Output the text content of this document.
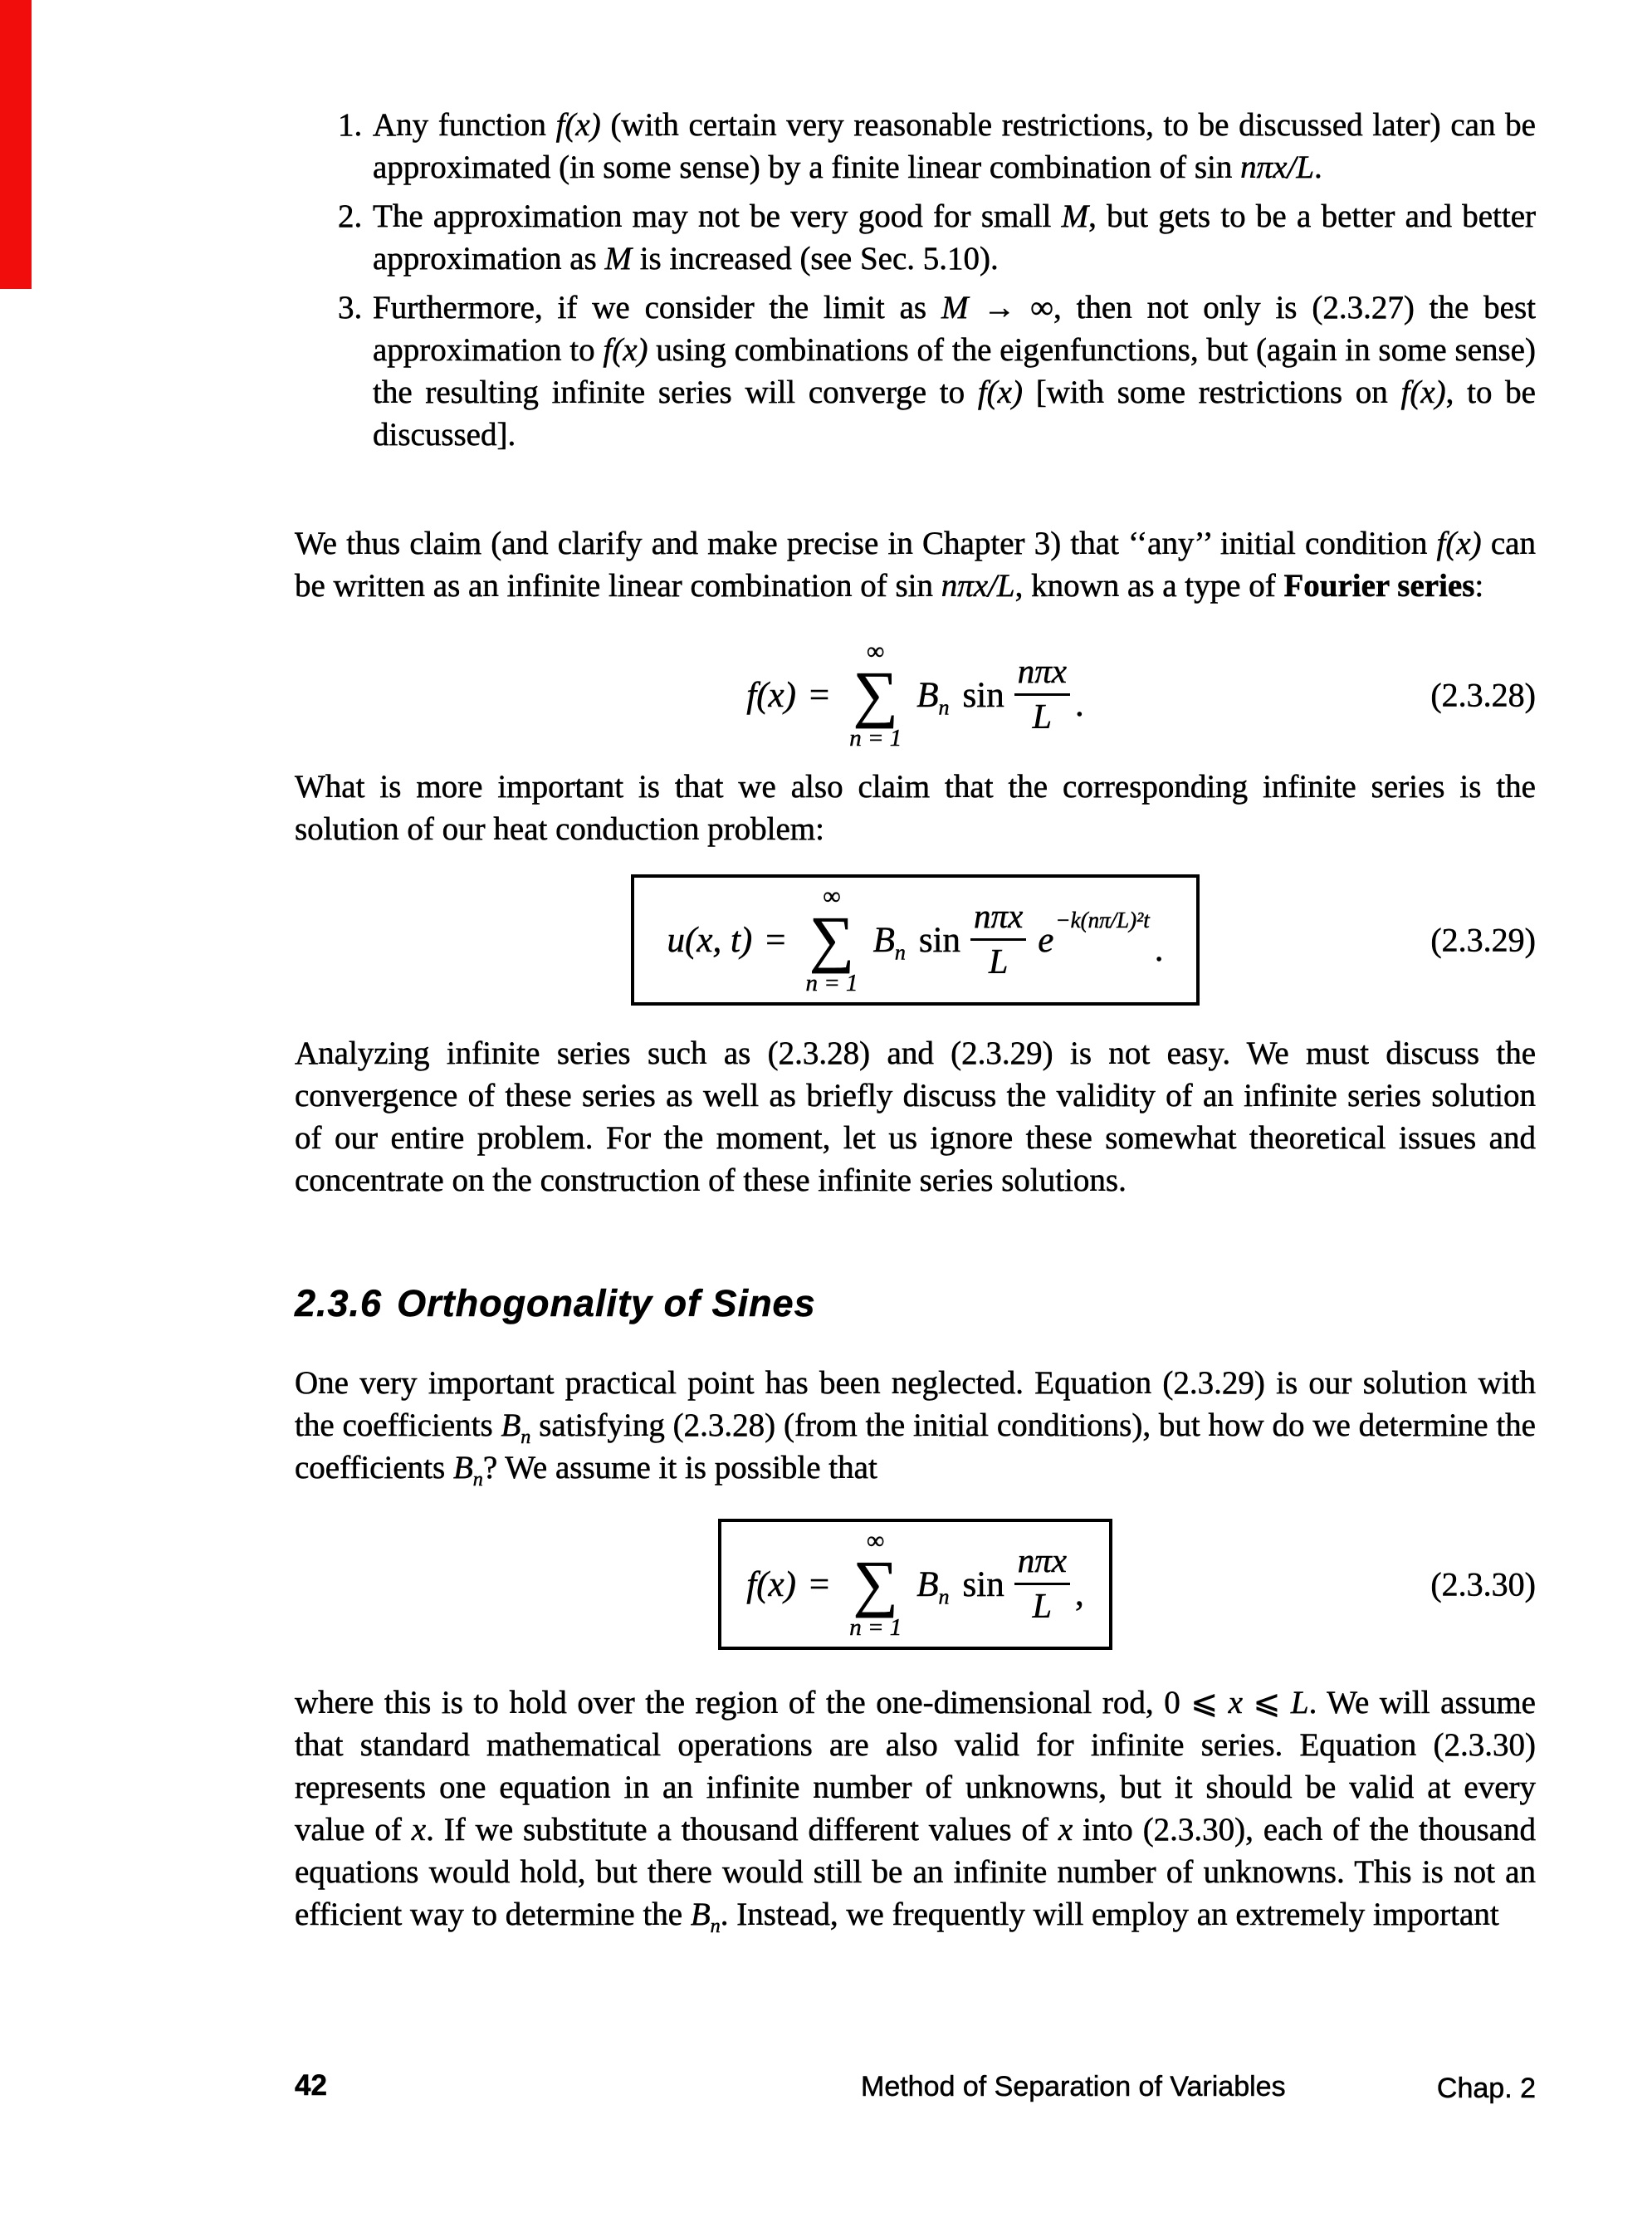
1. Any function f(x) (with certain very reasonable restrictions, to be discussed later) can be approximated (in some sense) by a finite linear combination of sin nπx/L.
2. The approximation may not be very good for small M, but gets to be a better and better approximation as M is increased (see Sec. 5.10).
3. Furthermore, if we consider the limit as M → ∞, then not only is (2.3.27) the best approximation to f(x) using combinations of the eigenfunctions, but (again in some sense) the resulting infinite series will converge to f(x) [with some restrictions on f(x), to be discussed].

We thus claim (and clarify and make precise in Chapter 3) that ‘‘any’’ initial condition f(x) can be written as an infinite linear combination of sin nπx/L, known as a type of Fourier series:

f(x) =
∞
∑
n = 1
$B_n$ $\sin \frac{\text{nπx}}{L}$ .	(2.3.28)

What is more important is that we also claim that the corresponding infinite series is the solution of our heat conduction problem:

u(x, t) =
∞
∑
n = 1
$B_n$ $\sin \frac{\text{nπx}}{L}$ e
−k(nπ/L)²t
.	(2.3.29)

Analyzing infinite series such as (2.3.28) and (2.3.29) is not easy. We must discuss the convergence of these series as well as briefly discuss the validity of an infinite series solution of our entire problem. For the moment, let us ignore these somewhat theoretical issues and concentrate on the construction of these infinite series solutions.

2.3.6 Orthogonality of Sines

One very important practical point has been neglected. Equation (2.3.29) is our solution with the coefficients $B_n$ satisfying (2.3.28) (from the initial conditions), but how do we determine the coefficients $B_n$? We assume it is possible that

f(x) =
∞
∑
n = 1
$B_n$ $\sin \frac{\text{nπx}}{L}$ ,	(2.3.30)

where this is to hold over the region of the one-dimensional rod, 0 ⩽ x ⩽ L. We will assume that standard mathematical operations are also valid for infinite series. Equation (2.3.30) represents one equation in an infinite number of unknowns, but it should be valid at every value of x. If we substitute a thousand different values of x into (2.3.30), each of the thousand equations would hold, but there would still be an infinite number of unknowns. This is not an efficient way to determine the $B_n$. Instead, we frequently will employ an extremely important

42	Method of Separation of Variables	Chap. 2
